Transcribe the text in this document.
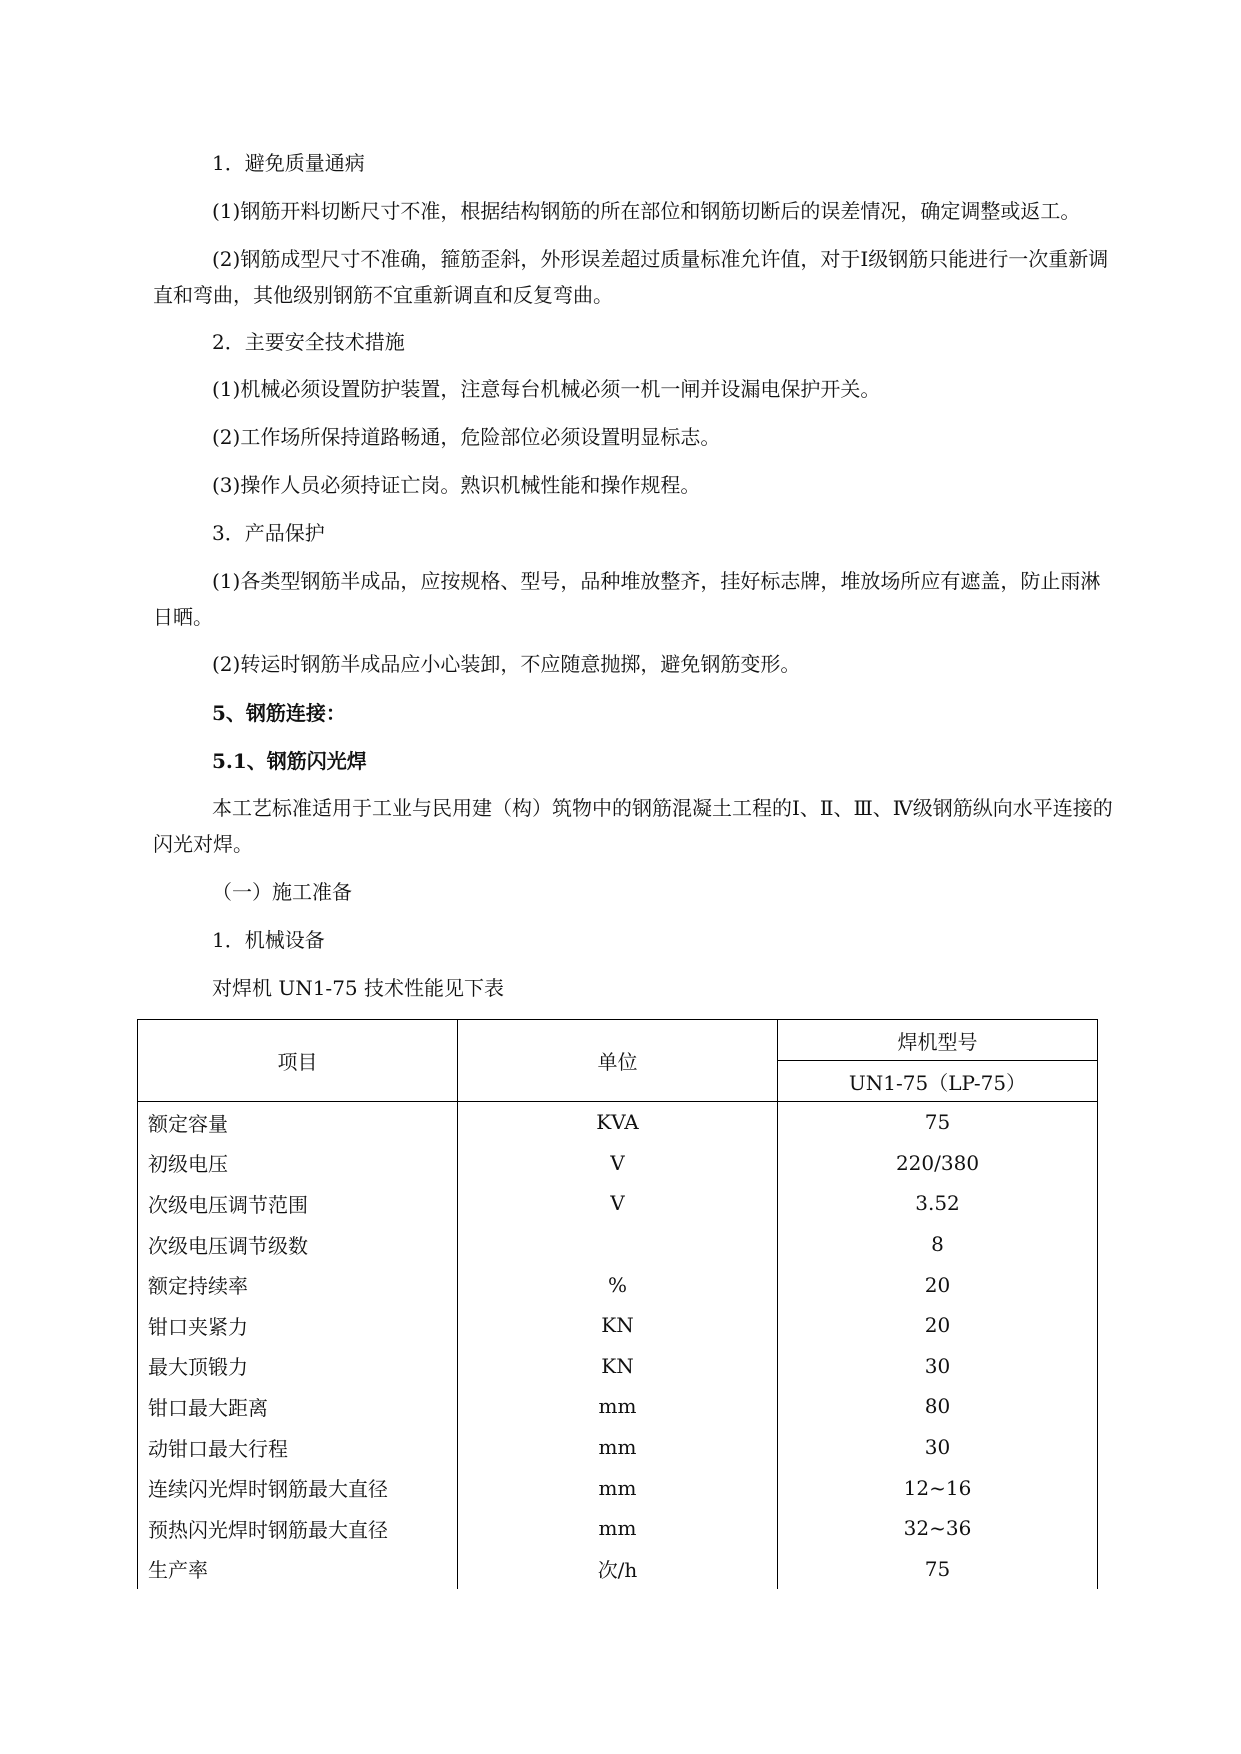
1．避免质量通病
(1)钢筋开料切断尺寸不准，根据结构钢筋的所在部位和钢筋切断后的误差情况，确定调整或返工。
(2)钢筋成型尺寸不准确，箍筋歪斜，外形误差超过质量标准允许值，对于Ⅰ级钢筋只能进行一次重新调直和弯曲，其他级别钢筋不宜重新调直和反复弯曲。
2．主要安全技术措施
(1)机械必须设置防护装置，注意每台机械必须一机一闸并设漏电保护开关。
(2)工作场所保持道路畅通，危险部位必须设置明显标志。
(3)操作人员必须持证亡岗。熟识机械性能和操作规程。
3．产品保护
(1)各类型钢筋半成品，应按规格、型号，品种堆放整齐，挂好标志牌，堆放场所应有遮盖，防止雨淋日晒。
(2)转运时钢筋半成品应小心装卸，不应随意抛掷，避免钢筋变形。
5、钢筋连接：
5.1、钢筋闪光焊
本工艺标准适用于工业与民用建（构）筑物中的钢筋混凝土工程的Ⅰ、Ⅱ、Ⅲ、Ⅳ级钢筋纵向水平连接的闪光对焊。
（一）施工准备
1．机械设备
对焊机 UN1-75 技术性能见下表
项目	单位	焊机型号
		UN1-75（LP-75）
额定容量	KVA	75
初级电压	V	220/380
次级电压调节范围	V	3.52
次级电压调节级数		8
额定持续率	%	20
钳口夹紧力	KN	20
最大顶锻力	KN	30
钳口最大距离	mm	80
动钳口最大行程	mm	30
连续闪光焊时钢筋最大直径	mm	12~16
预热闪光焊时钢筋最大直径	mm	32~36
生产率	次/h	75
